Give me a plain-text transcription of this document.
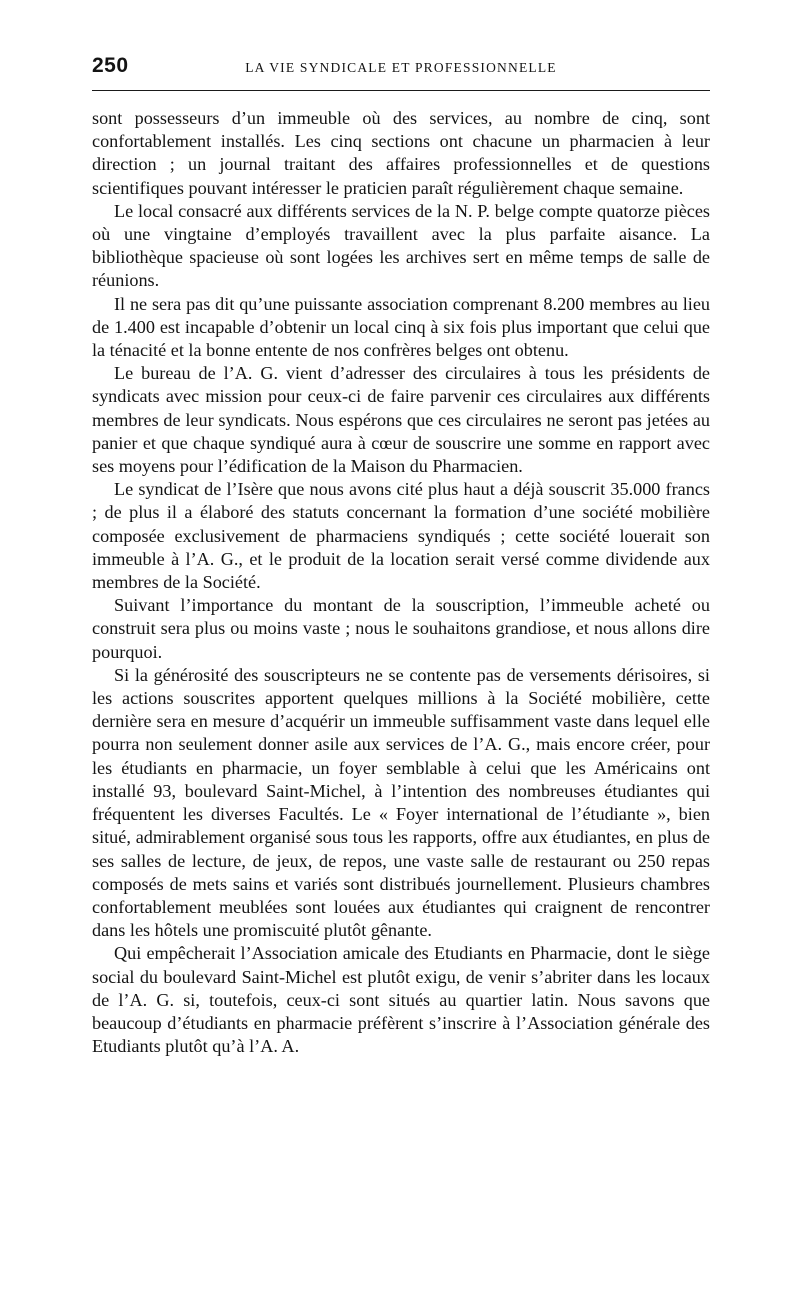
250	LA VIE SYNDICALE ET PROFESSIONNELLE

sont possesseurs d’un immeuble où des services, au nombre de cinq, sont confortablement installés. Les cinq sections ont chacune un pharmacien à leur direction ; un journal traitant des affaires professionnelles et de questions scientifiques pouvant intéresser le praticien paraît régulièrement chaque semaine.

Le local consacré aux différents services de la N. P. belge compte quatorze pièces où une vingtaine d’employés travaillent avec la plus parfaite aisance. La bibliothèque spacieuse où sont logées les archives sert en même temps de salle de réunions.

Il ne sera pas dit qu’une puissante association comprenant 8.200 membres au lieu de 1.400 est incapable d’obtenir un local cinq à six fois plus important que celui que la ténacité et la bonne entente de nos confrères belges ont obtenu.

Le bureau de l’A. G. vient d’adresser des circulaires à tous les présidents de syndicats avec mission pour ceux-ci de faire parvenir ces circulaires aux différents membres de leur syndicats. Nous espérons que ces circulaires ne seront pas jetées au panier et que chaque syndiqué aura à cœur de souscrire une somme en rapport avec ses moyens pour l’édification de la Maison du Pharmacien.

Le syndicat de l’Isère que nous avons cité plus haut a déjà souscrit 35.000 francs ; de plus il a élaboré des statuts concernant la formation d’une société mobilière composée exclusivement de pharmaciens syndiqués ; cette société louerait son immeuble à l’A. G., et le produit de la location serait versé comme dividende aux membres de la Société.

Suivant l’importance du montant de la souscription, l’immeuble acheté ou construit sera plus ou moins vaste ; nous le souhaitons grandiose, et nous allons dire pourquoi.

Si la générosité des souscripteurs ne se contente pas de versements dérisoires, si les actions souscrites apportent quelques millions à la Société mobilière, cette dernière sera en mesure d’acquérir un immeuble suffisamment vaste dans lequel elle pourra non seulement donner asile aux services de l’A. G., mais encore créer, pour les étudiants en pharmacie, un foyer semblable à celui que les Américains ont installé 93, boulevard Saint-Michel, à l’intention des nombreuses étudiantes qui fréquentent les diverses Facultés. Le « Foyer international de l’étudiante », bien situé, admirablement organisé sous tous les rapports, offre aux étudiantes, en plus de ses salles de lecture, de jeux, de repos, une vaste salle de restaurant ou 250 repas composés de mets sains et variés sont distribués journellement. Plusieurs chambres confortablement meublées sont louées aux étudiantes qui craignent de rencontrer dans les hôtels une promiscuité plutôt gênante.

Qui empêcherait l’Association amicale des Etudiants en Pharmacie, dont le siège social du boulevard Saint-Michel est plutôt exigu, de venir s’abriter dans les locaux de l’A. G. si, toutefois, ceux-ci sont situés au quartier latin. Nous savons que beaucoup d’étudiants en pharmacie préfèrent s’inscrire à l’Association générale des Etudiants plutôt qu’à l’A. A.
